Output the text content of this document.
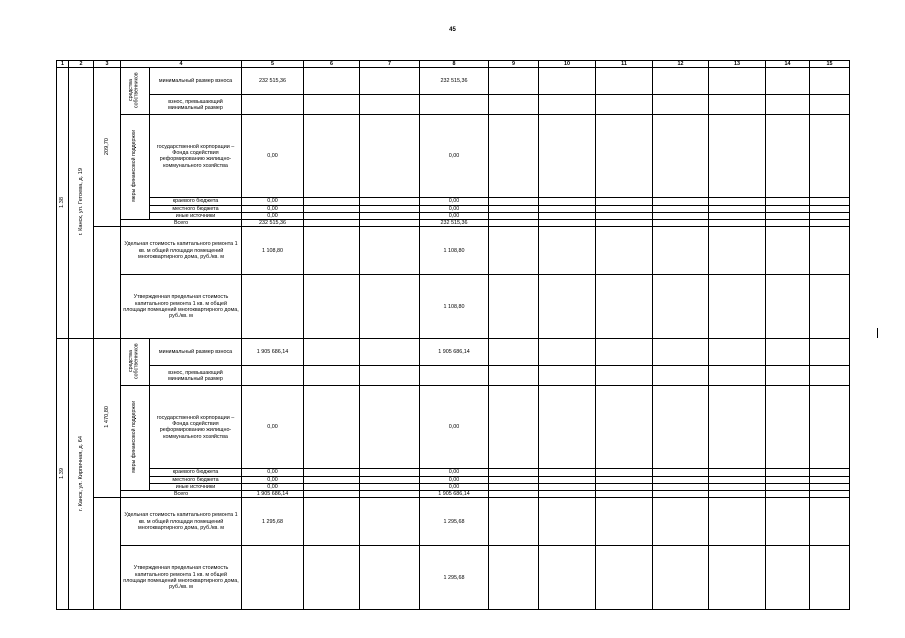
45
1	2	3	4		5	6	7	8	9	10	11	12	13	14	15
1.38	г. Канск, ул. Гетоева, д. 19	209,70	средства собственников	минимальный размер взноса	232 515,36			232 515,36							
				взнос, превышающий минимальный размер											
			меры финансовой поддержки	государственной корпорации – Фонда содействия реформированию жилищно-коммунального хозяйства	0,00			0,00							
				краевого бюджета	0,00			0,00							
				местного бюджета	0,00			0,00							
				иные источники	0,00			0,00							
			Всего		232 515,36			232 515,36							
			Удельная стоимость капитального ремонта 1 кв. м общей площади помещений многоквартирного дома, руб./кв. м		1 108,80			1 108,80							
			Утвержденная предельная стоимость капитального ремонта 1 кв. м общей площади помещений многоквартирного дома, руб./кв. м					1 108,80							
1.39	г. Канск, ул. Кирпичная, д. 64	1 470,80	средства собственников	минимальный размер взноса	1 905 686,14			1 905 686,14							
				взнос, превышающий минимальный размер											
			меры финансовой поддержки	государственной корпорации – Фонда содействия реформированию жилищно-коммунального хозяйства	0,00			0,00							
				краевого бюджета	0,00			0,00							
				местного бюджета	0,00			0,00							
				иные источники	0,00			0,00							
			Всего		1 905 686,14			1 905 686,14							
			Удельная стоимость капитального ремонта 1 кв. м общей площади помещений многоквартирного дома, руб./кв. м		1 295,68			1 295,68							
			Утвержденная предельная стоимость капитального ремонта 1 кв. м общей площади помещений многоквартирного дома, руб./кв. м					1 295,68							
